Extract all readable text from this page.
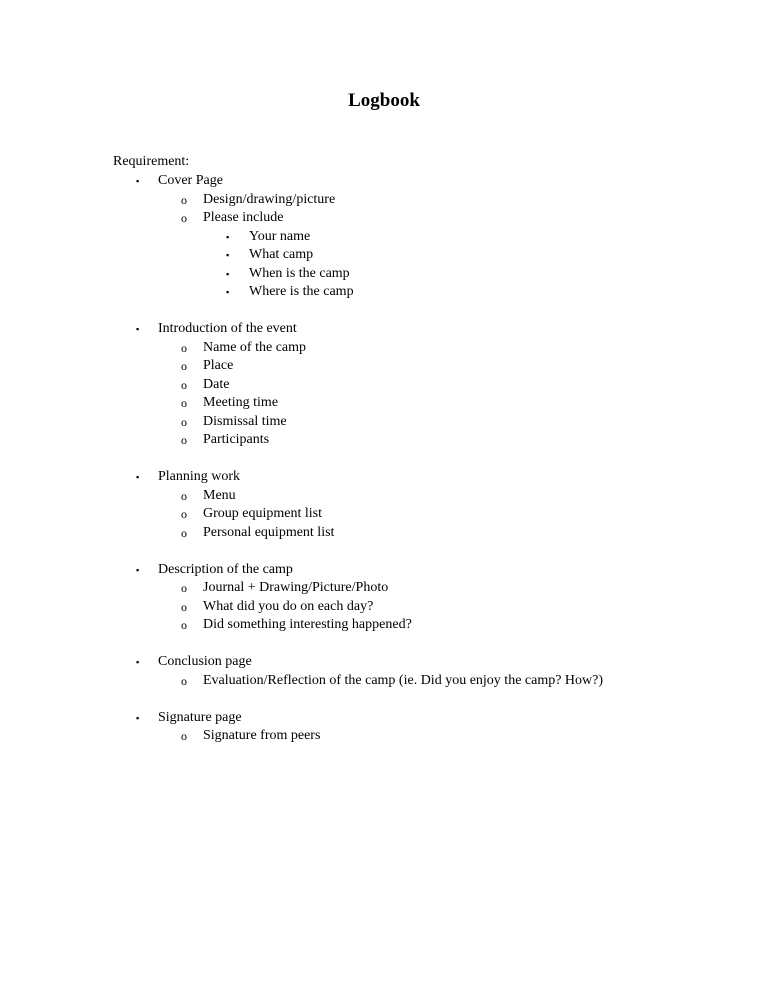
Logbook
Requirement:
▪ Cover Page
o Design/drawing/picture
o Please include
▪ Your name
▪ What camp
▪ When is the camp
▪ Where is the camp
▪ Introduction of the event
o Name of the camp
o Place
o Date
o Meeting time
o Dismissal time
o Participants
▪ Planning work
o Menu
o Group equipment list
o Personal equipment list
▪ Description of the camp
o Journal + Drawing/Picture/Photo
o What did you do on each day?
o Did something interesting happened?
▪ Conclusion page
o Evaluation/Reflection of the camp (ie. Did you enjoy the camp? How?)
▪ Signature page
o Signature from peers
